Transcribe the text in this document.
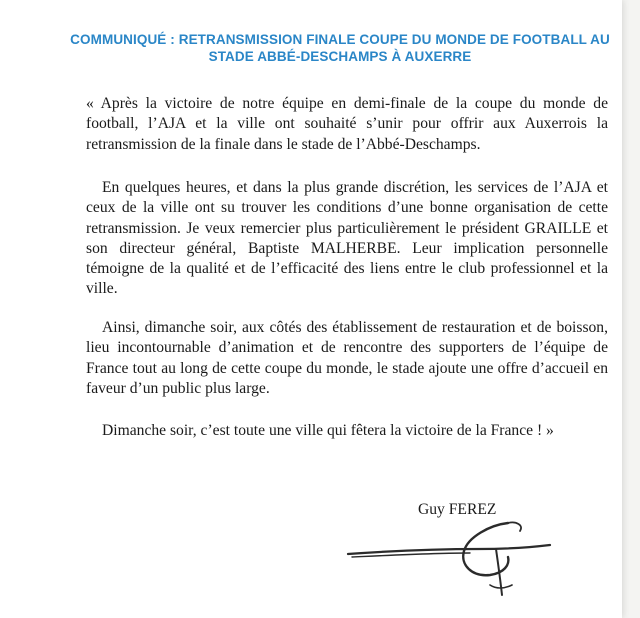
COMMUNIQUÉ : RETRANSMISSION FINALE COUPE DU MONDE DE FOOTBALL AU
STADE ABBÉ-DESCHAMPS À AUXERRE

« Après la victoire de notre équipe en demi-finale de la coupe du monde de football, l’AJA et la ville ont souhaité s’unir pour offrir aux Auxerrois la retransmission de la finale dans le stade de l’Abbé-Deschamps.

En quelques heures, et dans la plus grande discrétion, les services de l’AJA et ceux de la ville ont su trouver les conditions d’une bonne organisation de cette retransmission. Je veux remercier plus particulièrement le président GRAILLE et son directeur général, Baptiste MALHERBE. Leur implication personnelle témoigne de la qualité et de l’efficacité des liens entre le club professionnel et la ville.

Ainsi, dimanche soir, aux côtés des établissement de restauration et de boisson, lieu incontournable d’animation et de rencontre des supporters de l’équipe de France tout au long de cette coupe du monde, le stade ajoute une offre d’accueil en faveur d’un public plus large.

Dimanche soir, c’est toute une ville qui fêtera la victoire de la France ! »

Guy FEREZ
